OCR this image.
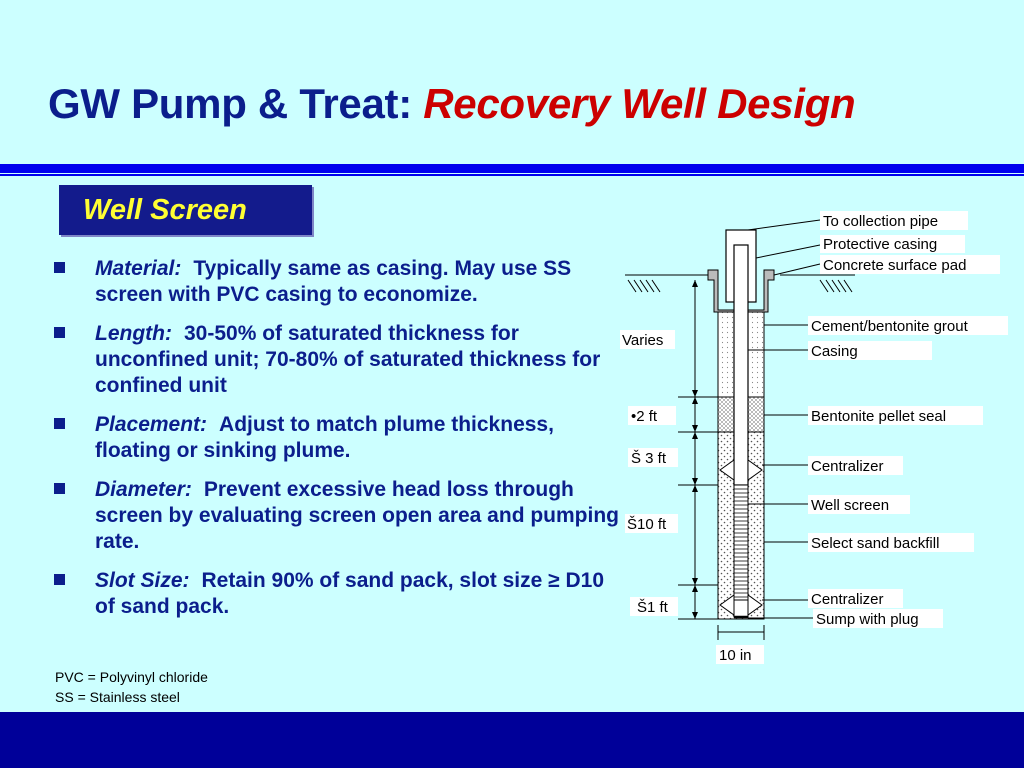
GW Pump & Treat: Recovery Well Design
Well Screen
Material: Typically same as casing. May use SS screen with PVC casing to economize.
Length: 30-50% of saturated thickness for unconfined unit; 70-80% of saturated thickness for confined unit
Placement: Adjust to match plume thickness, floating or sinking plume.
Diameter: Prevent excessive head loss through screen by evaluating screen open area and pumping rate.
Slot Size: Retain 90% of sand pack, slot size ≥ D10 of sand pack.
PVC = Polyvinyl chloride
SS = Stainless steel
To collection pipe
Protective casing
Concrete surface pad
Cement/bentonite grout
Casing
Bentonite pellet seal
Centralizer
Well screen
Select sand backfill
Centralizer
Sump with plug
Varies
•2 ft
Š 3 ft
Š10 ft
Š1 ft
10 in
